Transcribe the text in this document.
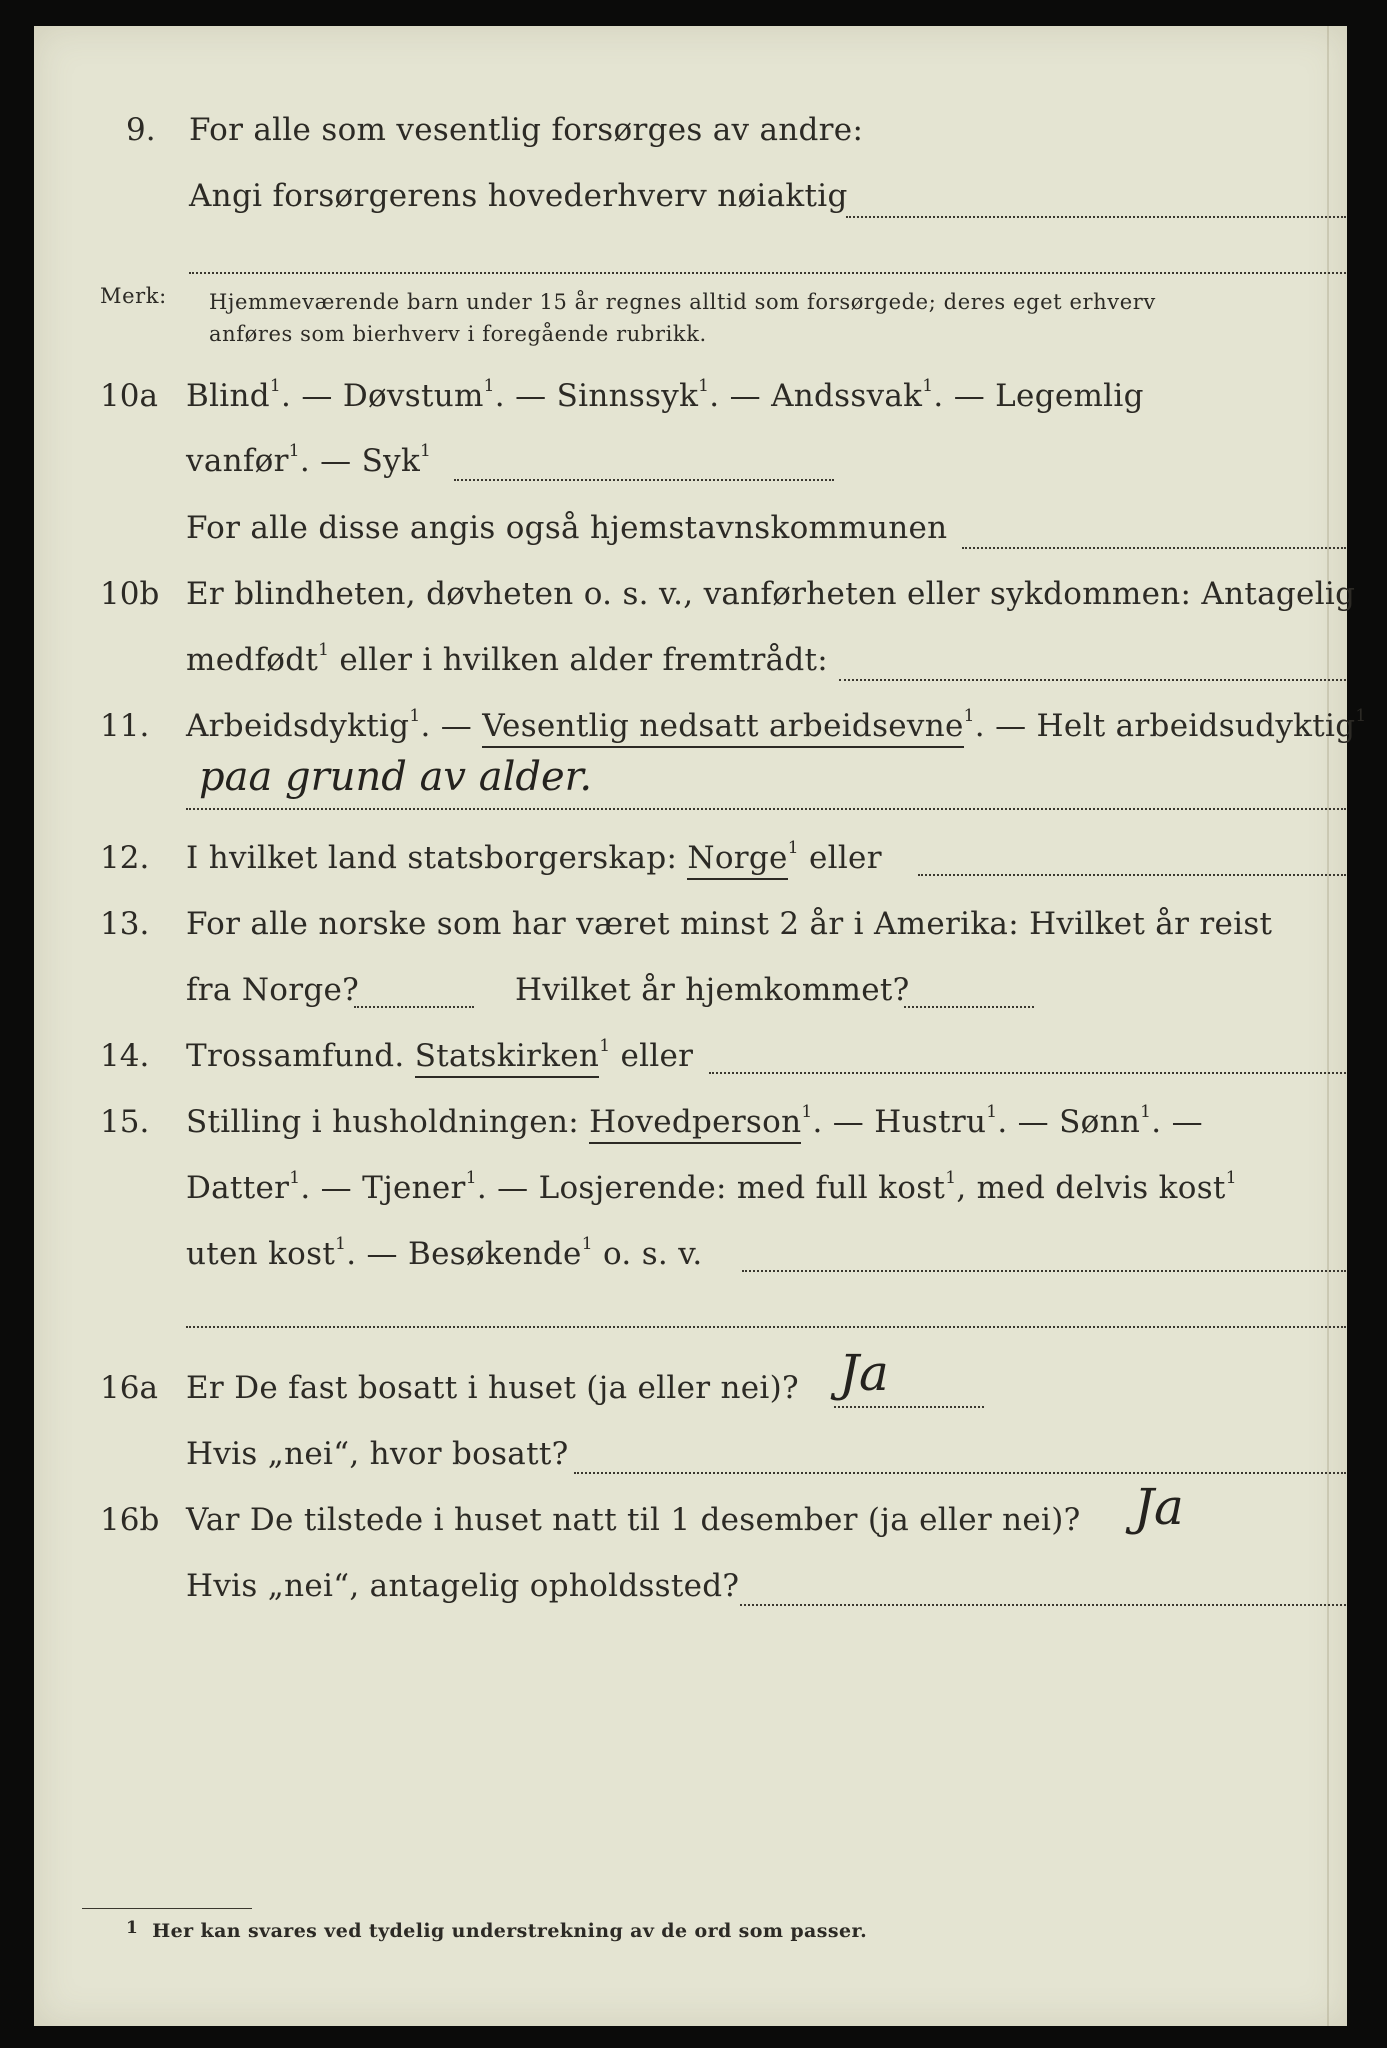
9. For alle som vesentlig forsørges av andre:
Angi forsørgerens hovederhverv nøiaktig
Merk: Hjemmeværende barn under 15 år regnes alltid som forsørgede; deres eget erhverv
anføres som bierhverv i foregående rubrikk.
10a Blind$^1$. — Døvstum$^1$. — Sinnssyk$^1$. — Andssvak$^1$. — Legemlig
vanfør$^1$. — Syk$^1$
For alle disse angis også hjemstavnskommunen
10b Er blindheten, døvheten o. s. v., vanførheten eller sykdommen: Antagelig
medfødt$^1$ eller i hvilken alder fremtrådt:
11. Arbeidsdyktig$^1$. — Vesentlig nedsatt arbeidsevne$^1$. — Helt arbeidsudyktig$^1$
paa grund av alder.
12. I hvilket land statsborgerskap: Norge$^1$ eller
13. For alle norske som har været minst 2 år i Amerika: Hvilket år reist
fra Norge?	Hvilket år hjemkommet?
14. Trossamfund. Statskirken$^1$ eller
15. Stilling i husholdningen: Hovedperson$^1$. — Hustru$^1$. — Sønn$^1$. —
Datter$^1$. — Tjener$^1$. — Losjerende: med full kost$^1$, med delvis kost$^1$
uten kost$^1$. — Besøkende$^1$ o. s. v.
16a Er De fast bosatt i huset (ja eller nei)? Ja
Hvis „nei“, hvor bosatt?
16b Var De tilstede i huset natt til 1 desember (ja eller nei)? Ja
Hvis „nei“, antagelig opholdssted?
$^1$ Her kan svares ved tydelig understrekning av de ord som passer.
